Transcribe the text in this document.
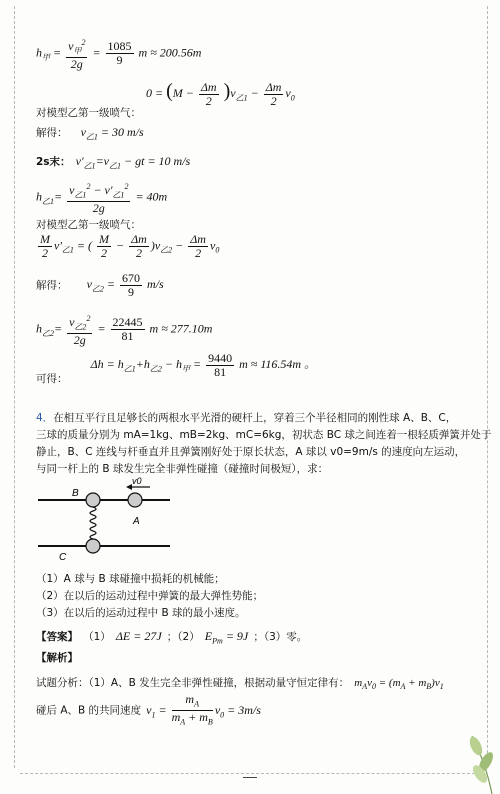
$h_甲 = \frac{v_甲^2}{2g} = \frac{1085}{9}$ m ≈ 200.56m
$0 = (M - \frac{\Delta m}{2} )v_{乙1} - \frac{\Delta m}{2} v_0$
对模型乙第一级喷气：
解得： $v_{乙1} = 30$ m/s
2s末： $v'_{乙1}=v_{乙1}$ − gt = 10 m/s
$h_{乙1}= \frac{v_{乙1}^2 - v'_{乙1}^2}{2g} = 40m$
对模型乙第一级喷气：
$\frac{M}{2} v'_{乙1}$ = ( $\frac{M}{2} - \frac{\Delta m}{2} )v_{乙2} - \frac{\Delta m}{2} v_0$
解得： $v_{乙2} = \frac{670}{9} m/s$
$h_{乙2}= \frac{v_{乙2}^2}{2g} = \frac{22445}{81}$ m ≈ 277.10m
$_{可得:}$ $\Delta h = h_{乙1}+h_{乙2} - h_甲 = \frac{9440}{81}$ m ≈ 116.54m 。
4．在相互平行且足够长的两根水平光滑的硬杆上，穿着三个半径相同的刚性球 A、B、C，
三球的质量分别为 mA=1kg、mB=2kg、mC=6kg，初状态 BC 球之间连着一根轻质弹簧并处于
静止，B、C 连线与杆垂直并且弹簧刚好处于原长状态，A 球以 v0=9m/s 的速度向左运动，
与同一杆上的 B 球发生完全非弹性碰撞（碰撞时间极短），求：
B
A
C
v0
（1）A 球与 B 球碰撞中损耗的机械能；
（2）在以后的运动过程中弹簧的最大弹性势能；
（3）在以后的运动过程中 B 球的最小速度。
【答案】 （1） ΔE = 27J ；（2） $E_{Pm} = 9J$ ；（3）零。
【解析】
试题分析：（1）A、B 发生完全非弹性碰撞，根据动量守恒定律有： $m_Av_0 = (m_A + m_B)v_1$
碰后 A、B 的共同速度 $v_1 = \frac{m_A}{m_A + m_B} v_0 = 3m/s$
